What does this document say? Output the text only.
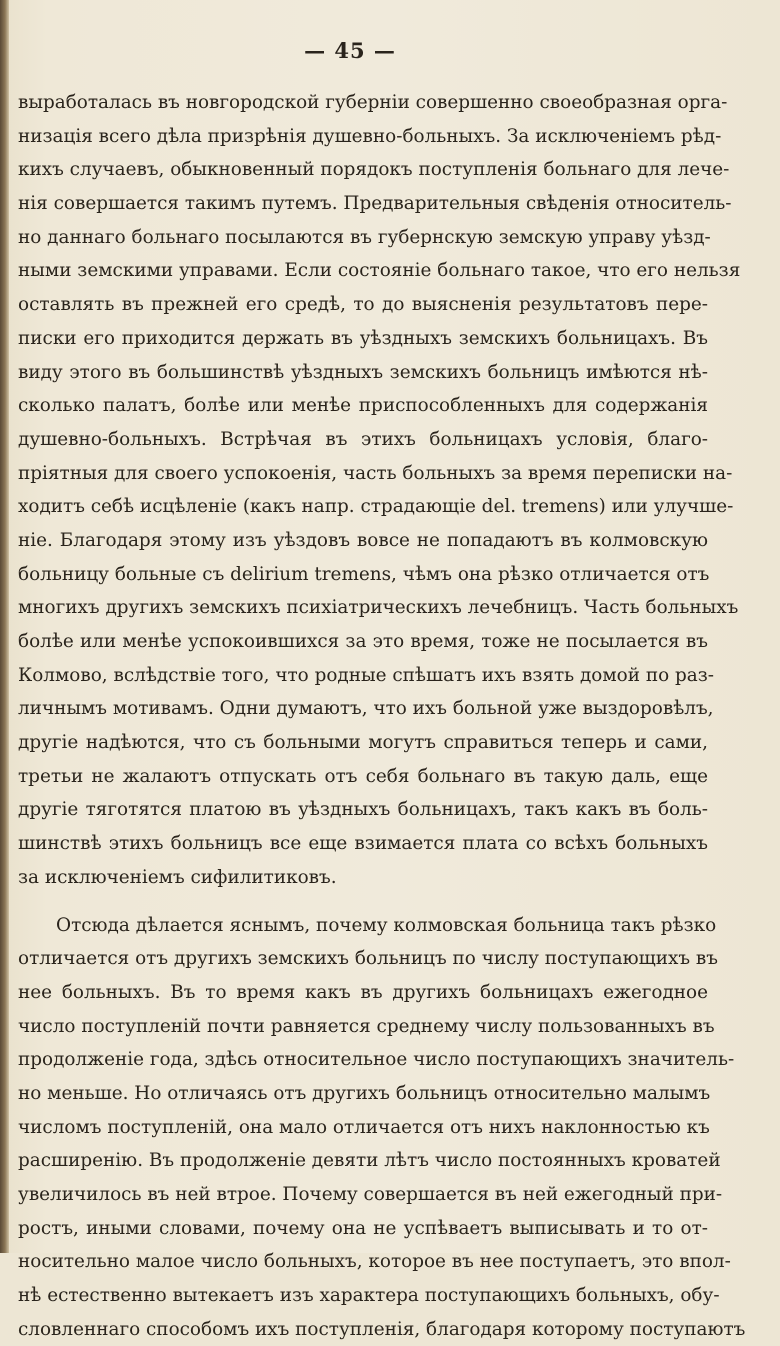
— 45 —
выработалась въ новгородской губерніи совершенно своеобразная орга-
низація всего дѣла призрѣнія душевно-больныхъ. За исключеніемъ рѣд-
кихъ случаевъ, обыкновенный порядокъ поступленія больнаго для лече-
нія совершается такимъ путемъ. Предварительныя свѣденія относитель-
но даннаго больнаго посылаются въ губернскую земскую управу уѣзд-
ными земскими управами. Если состояніе больнаго такое, что его нельзя
оставлять въ прежней его средѣ, то до выясненія результатовъ пере-
писки его приходится держать въ уѣздныхъ земскихъ больницахъ. Въ
виду этого въ большинствѣ уѣздныхъ земскихъ больницъ имѣются нѣ-
сколько палатъ, болѣе или менѣе приспособленныхъ для содержанія
душевно-больныхъ. Встрѣчая въ этихъ больницахъ условія, благо-
пріятныя для своего успокоенія, часть больныхъ за время переписки на-
ходитъ себѣ исцѣленіе (какъ напр. страдающіе del. tremens) или улучше-
ніе. Благодаря этому изъ уѣздовъ вовсе не попадаютъ въ колмовскую
больницу больные съ delirium tremens, чѣмъ она рѣзко отличается отъ
многихъ другихъ земскихъ психіатрическихъ лечебницъ. Часть больныхъ
болѣе или менѣе успокоившихся за это время, тоже не посылается въ
Колмово, вслѣдствіе того, что родные спѣшатъ ихъ взять домой по раз-
личнымъ мотивамъ. Одни думаютъ, что ихъ больной уже выздоровѣлъ,
другіе надѣются, что съ больными могутъ справиться теперь и сами,
третьи не жалаютъ отпускать отъ себя больнаго въ такую даль, еще
другіе тяготятся платою въ уѣздныхъ больницахъ, такъ какъ въ боль-
шинствѣ этихъ больницъ все еще взимается плата со всѣхъ больныхъ
за исключеніемъ сифилитиковъ.
Отсюда дѣлается яснымъ, почему колмовская больница такъ рѣзко
отличается отъ другихъ земскихъ больницъ по числу поступающихъ въ
нее больныхъ. Въ то время какъ въ другихъ больницахъ ежегодное
число поступленій почти равняется среднему числу пользованныхъ въ
продолженіе года, здѣсь относительное число поступающихъ значитель-
но меньше. Но отличаясь отъ другихъ больницъ относительно малымъ
числомъ поступленій, она мало отличается отъ нихъ наклонностью къ
расширенію. Въ продолженіе девяти лѣтъ число постоянныхъ кроватей
увеличилось въ ней втрое. Почему совершается въ ней ежегодный при-
ростъ, иными словами, почему она не успѣваетъ выписывать и то от-
носительно малое число больныхъ, которое въ нее поступаетъ, это впол-
нѣ естественно вытекаетъ изъ характера поступающихъ больныхъ, обу-
словленнаго способомъ ихъ поступленія, благодаря которому поступаютъ
